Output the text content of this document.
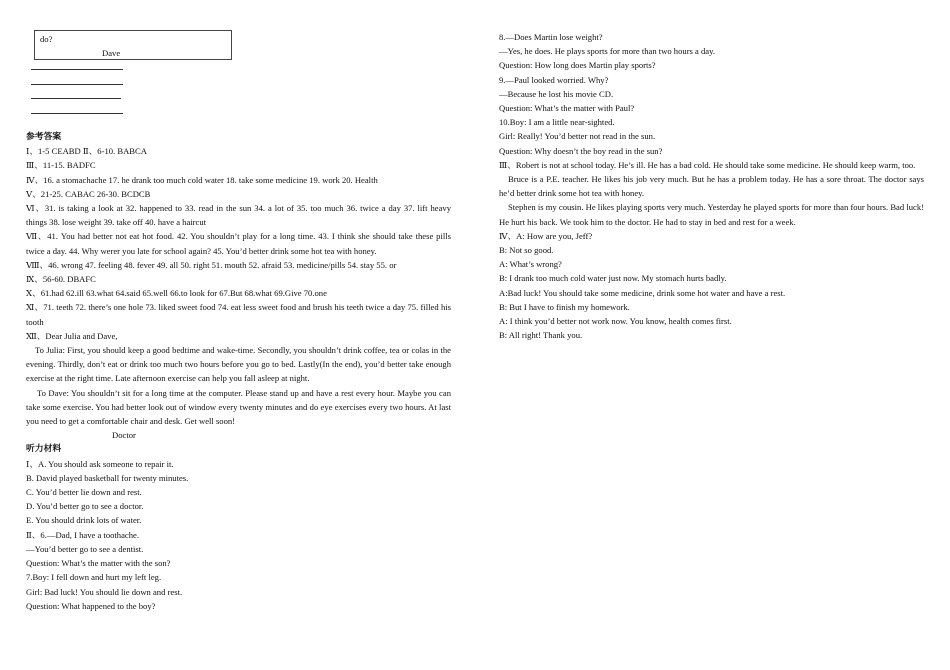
do?
Dave

参考答案

Ⅰ、1-5 CEABD Ⅱ、6-10. BABCA

Ⅲ、11-15. BADFC

Ⅳ、16. a stomachache 17. he drank too much cold water 18. take some medicine 19. work 20. Health

Ⅴ、21-25. CABAC 26-30. BCDCB

Ⅵ、31. is taking a look at 32. happened to 33. read in the sun 34. a lot of 35. too much 36. twice a day 37. lift heavy things 38. lose weight 39. take off 40. have a haircut

Ⅶ、41. You had better not eat hot food. 42. You shouldn’t play for a long time. 43. I think she should take these pills twice a day. 44. Why werer you late for school again? 45. You’d better drink some hot tea with honey.

Ⅷ、46. wrong 47. feeling 48. fever 49. all 50. right 51. mouth 52. afraid 53. medicine/pills 54. stay 55. or

Ⅸ、56-60. DBAFC

Ⅹ、61.had 62.ill 63.what 64.said 65.well 66.to look for 67.But 68.what 69.Give 70.one

Ⅺ、71. teeth 72. there’s one hole 73. liked sweet food 74. eat less sweet food and brush his teeth twice a day 75. filled his tooth

Ⅻ、Dear Julia and Dave,

To Julia: First, you should keep a good bedtime and wake-time. Secondly, you shouldn’t drink coffee, tea or colas in the evening. Thirdly, don’t eat or drink too much two hours before you go to bed. Lastly(In the end), you’d better take enough exercise at the right time. Late afternoon exercise can help you fall asleep at night.

To Dave: You shouldn’t sit for a long time at the computer. Please stand up and have a rest every hour. Maybe you can take some exercise. You had better look out of window every twenty minutes and do eye exercises every two hours. At last you need to get a comfortable chair and desk. Get well soon!

Doctor

听力材料

Ⅰ、A. You should ask someone to repair it.

B. David played basketball for twenty minutes.

C. You’d better lie down and rest.

D. You’d better go to see a doctor.

E. You should drink lots of water.

Ⅱ、6.—Dad, I have a toothache.

—You’d better go to see a dentist.

Question: What’s the matter with the son?

7.Boy: I fell down and hurt my left leg.

Girl: Bad luck! You should lie down and rest.

Question: What happened to the boy?

8.—Does Martin lose weight?

—Yes, he does. He plays sports for more than two hours a day.

Question: How long does Martin play sports?

9.—Paul looked worried. Why?

—Because he lost his movie CD.

Question: What’s the matter with Paul?

10.Boy: I am a little near-sighted.

Girl: Really! You’d better not read in the sun.

Question: Why doesn’t the boy read in the sun?

Ⅲ、Robert is not at school today. He’s ill. He has a bad cold. He should take some medicine. He should keep warm, too.

Bruce is a P.E. teacher. He likes his job very much. But he has a problem today. He has a sore throat. The doctor says he’d better drink some hot tea with honey.

Stephen is my cousin. He likes playing sports very much. Yesterday he played sports for more than four hours. Bad luck! He hurt his back. We took him to the doctor. He had to stay in bed and rest for a week.

Ⅳ、A: How are you, Jeff?

B: Not so good.

A: What’s wrong?

B: I drank too much cold water just now. My stomach hurts badly.

A:Bad luck! You should take some medicine, drink some hot water and have a rest.

B: But I have to finish my homework.

A: I think you’d better not work now. You know, health comes first.

B: All right! Thank you.
